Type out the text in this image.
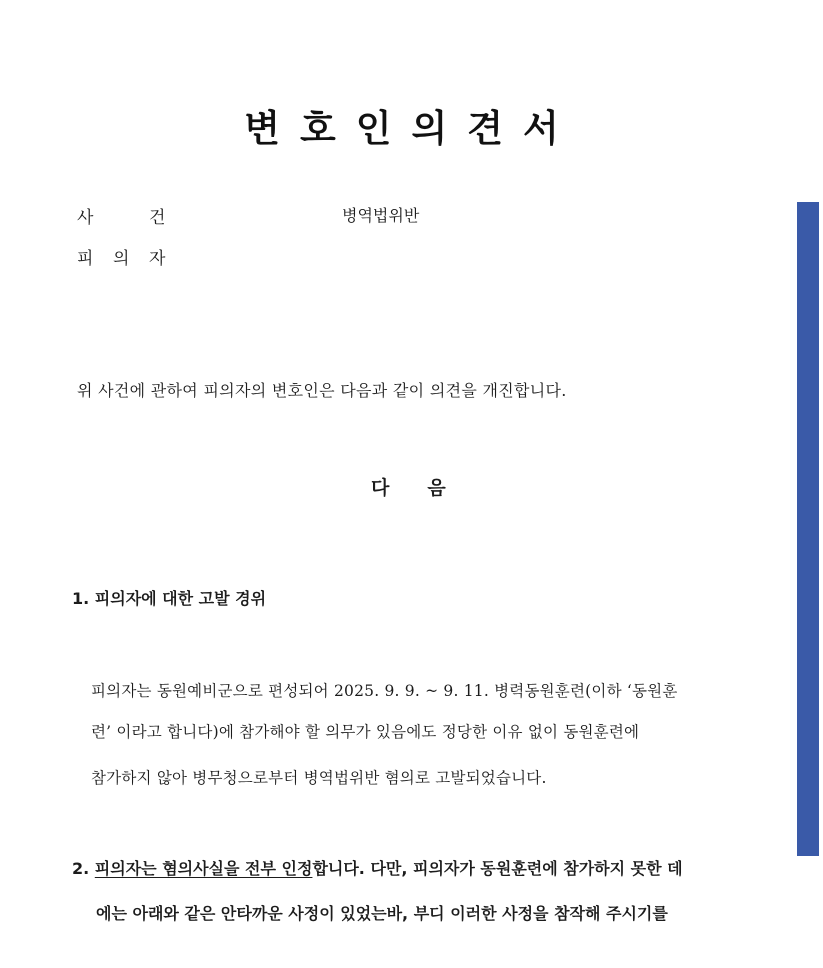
변호인의견서
사	건	병역법위반
피	의	자
위 사건에 관하여 피의자의 변호인은 다음과 같이 의견을 개진합니다.
다 음
1. 피의자에 대한 고발 경위
피의자는 동원예비군으로 편성되어 2025. 9. 9. ~ 9. 11. 병력동원훈련(이하 ‘동원훈
련’ 이라고 합니다)에 참가해야 할 의무가 있음에도 정당한 이유 없이 동원훈련에
참가하지 않아 병무청으로부터 병역법위반 혐의로 고발되었습니다.
2. 피의자는 혐의사실을 전부 인정합니다. 다만, 피의자가 동원훈련에 참가하지 못한 데
에는 아래와 같은 안타까운 사정이 있었는바, 부디 이러한 사정을 참작해 주시기를
